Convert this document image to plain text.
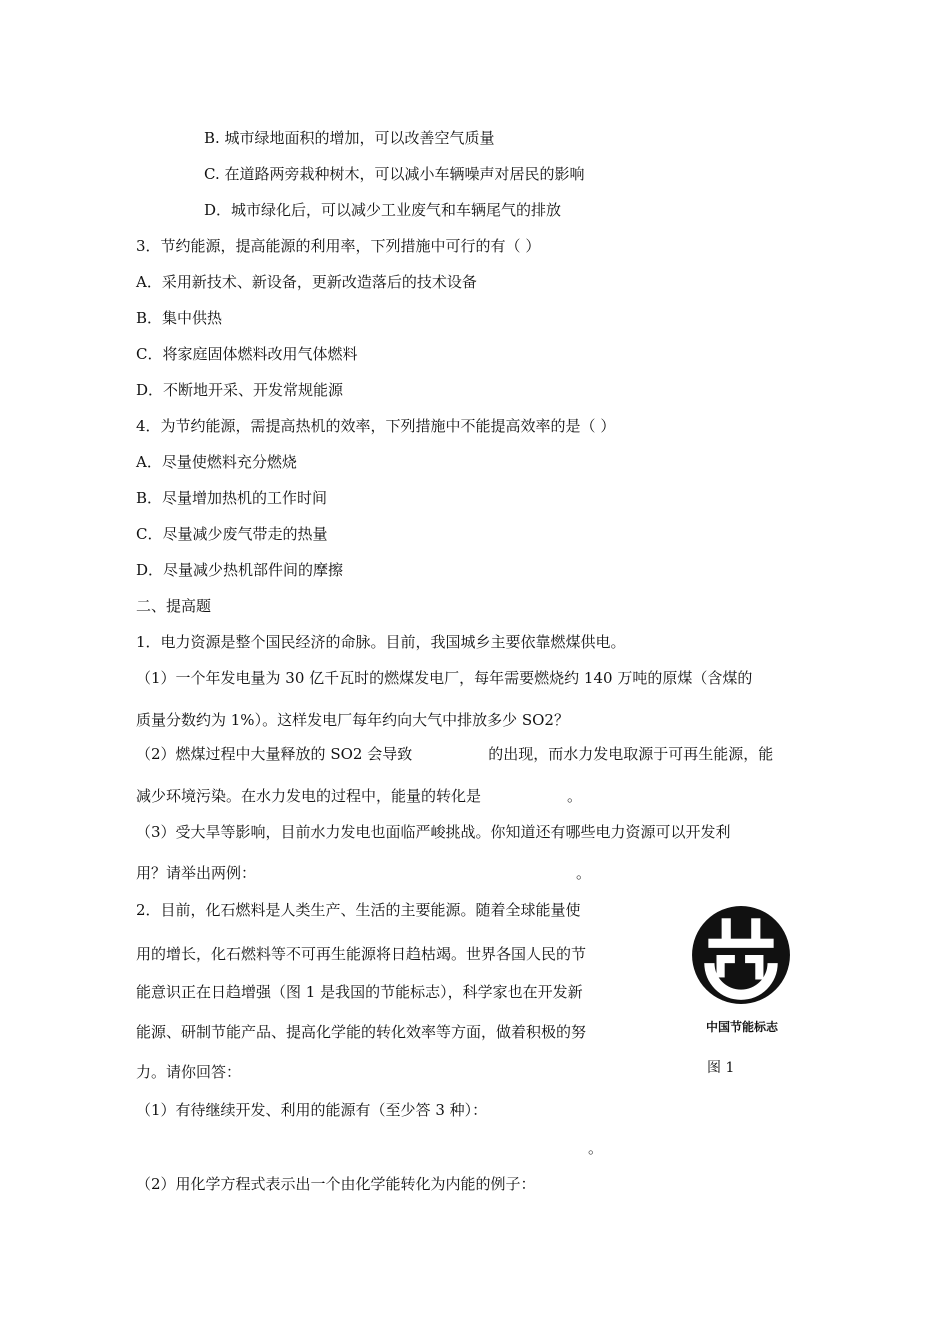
B. 城市绿地面积的增加，可以改善空气质量
C. 在道路两旁栽种树木，可以减小车辆噪声对居民的影响
D．城市绿化后，可以减少工业废气和车辆尾气的排放
3．节约能源，提高能源的利用率，下列措施中可行的有（ ）
A．采用新技术、新设备，更新改造落后的技术设备
B．集中供热
C．将家庭固体燃料改用气体燃料
D．不断地开采、开发常规能源
4．为节约能源，需提高热机的效率，下列措施中不能提高效率的是（ ）
A．尽量使燃料充分燃烧
B．尽量增加热机的工作时间
C．尽量减少废气带走的热量
D．尽量减少热机部件间的摩擦
二、提高题
1．电力资源是整个国民经济的命脉。目前，我国城乡主要依靠燃煤供电。
（1）一个年发电量为 30 亿千瓦时的燃煤发电厂，每年需要燃烧约 140 万吨的原煤（含煤的
质量分数约为 1%）。这样发电厂每年约向大气中排放多少 SO2？
（2）燃煤过程中大量释放的 SO2 会导致	的出现，而水力发电取源于可再生能源，能
减少环境污染。在水力发电的过程中，能量的转化是	。
（3）受大旱等影响，目前水力发电也面临严峻挑战。你知道还有哪些电力资源可以开发利
用？请举出两例：	。
2．目前，化石燃料是人类生产、生活的主要能源。随着全球能量使
用的增长，化石燃料等不可再生能源将日趋枯竭。世界各国人民的节
能意识正在日趋增强（图 1 是我国的节能标志），科学家也在开发新
能源、研制节能产品、提高化学能的转化效率等方面，做着积极的努
力。请你回答：
（1）有待继续开发、利用的能源有（至少答 3 种）：
。
（2）用化学方程式表示出一个由化学能转化为内能的例子：
中国节能标志
图 1
